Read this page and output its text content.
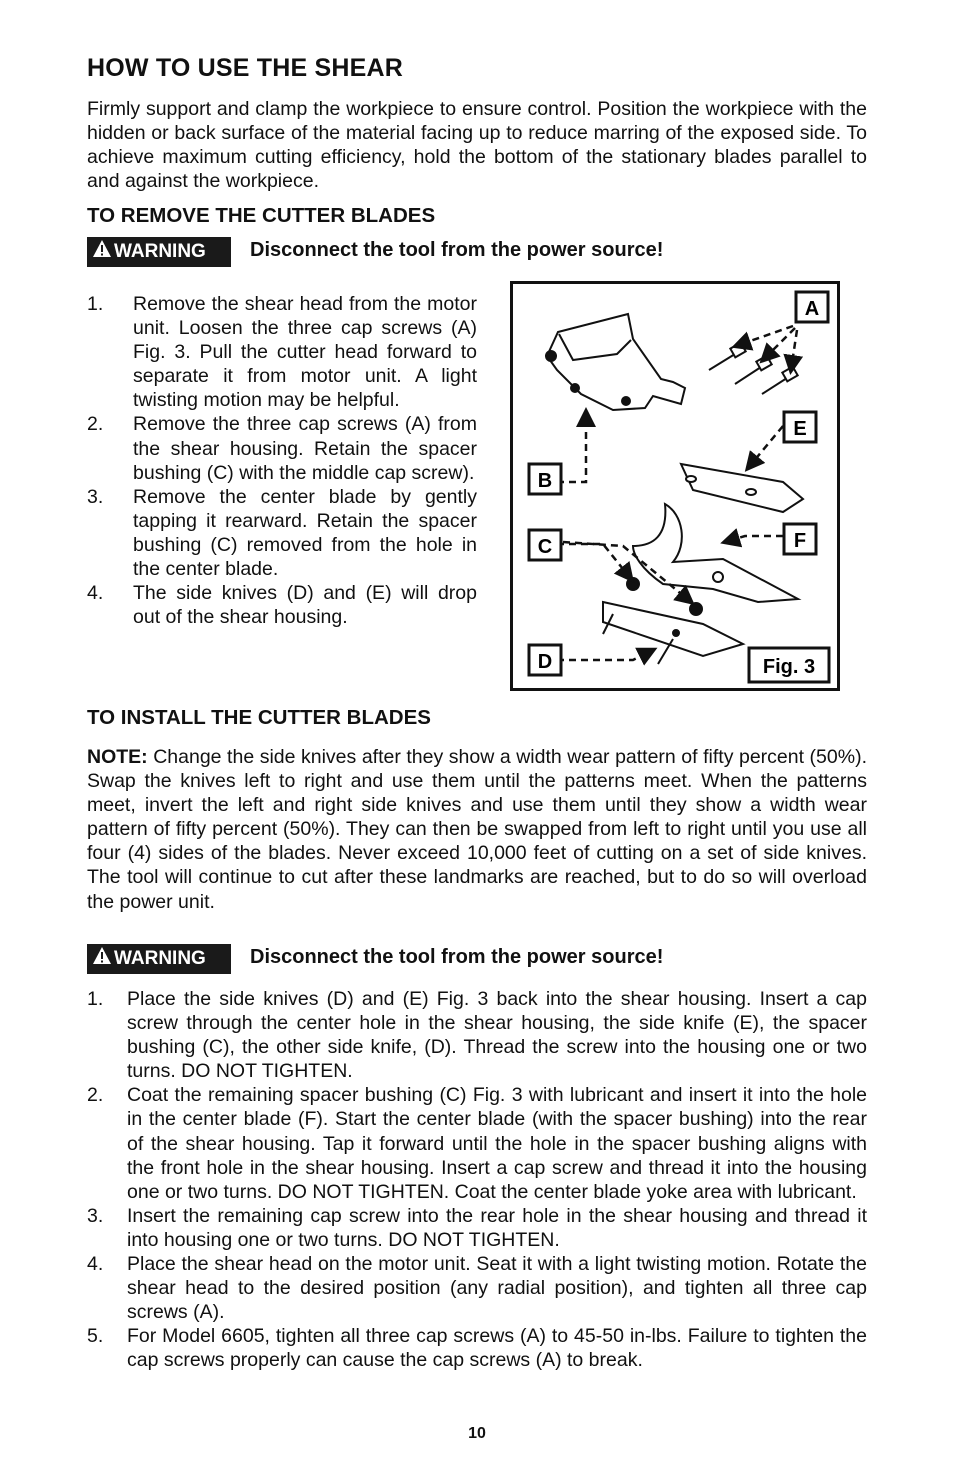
HOW TO USE THE SHEAR

Firmly support and clamp the workpiece to ensure control. Position the workpiece with the hidden or back surface of the material facing up to reduce marring of the exposed side. To achieve maximum cutting efficiency, hold the bottom of the stationary blades parallel to and against the workpiece.

TO REMOVE THE CUTTER BLADES
WARNING	Disconnect the tool from the power source!
1. Remove the shear head from the motor unit. Loosen the three cap screws (A) Fig. 3. Pull the cutter head forward to separate it from motor unit. A light twisting motion may be helpful.
2. Remove the three cap screws (A) from the shear housing. Retain the spacer bushing (C) with the middle cap screw).
3. Remove the center blade by gently tapping it rearward. Retain the spacer bushing (C) removed from the hole in the center blade.
4. The side knives (D) and (E) will drop out of the shear housing.
TO INSTALL THE CUTTER BLADES

NOTE: Change the side knives after they show a width wear pattern of fifty percent (50%). Swap the knives left to right and use them until the patterns meet. When the patterns meet, invert the left and right side knives and use them until they show a width wear pattern of fifty percent (50%). They can then be swapped from left to right until you use all four (4) sides of the blades. Never exceed 10,000 feet of cutting on a set of side knives. The tool will continue to cut after these landmarks are reached, but to do so will overload the power unit.

WARNING	Disconnect the tool from the power source!
1. Place the side knives (D) and (E) Fig. 3 back into the shear housing. Insert a cap screw through the center hole in the shear housing, the side knife (E), the spacer bushing (C), the other side knife, (D). Thread the screw into the housing one or two turns. DO NOT TIGHTEN.
2. Coat the remaining spacer bushing (C) Fig. 3 with lubricant and insert it into the hole in the center blade (F). Start the center blade (with the spacer bushing) into the rear of the shear housing. Tap it forward until the hole in the spacer bushing aligns with the front hole in the shear housing. Insert a cap screw and thread it into the housing one or two turns. DO NOT TIGHTEN. Coat the center blade yoke area with lubricant.
3. Insert the remaining cap screw into the rear hole in the shear housing and thread it into housing one or two turns. DO NOT TIGHTEN.
4. Place the shear head on the motor unit. Seat it with a light twisting motion. Rotate the shear head to the desired position (any radial position), and tighten all three cap screws (A).
5. For Model 6605, tighten all three cap screws (A) to 45-50 in-lbs. Failure to tighten the cap screws properly can cause the cap screws (A) to break.
A
E
B
C	F
D	Fig. 3
10
